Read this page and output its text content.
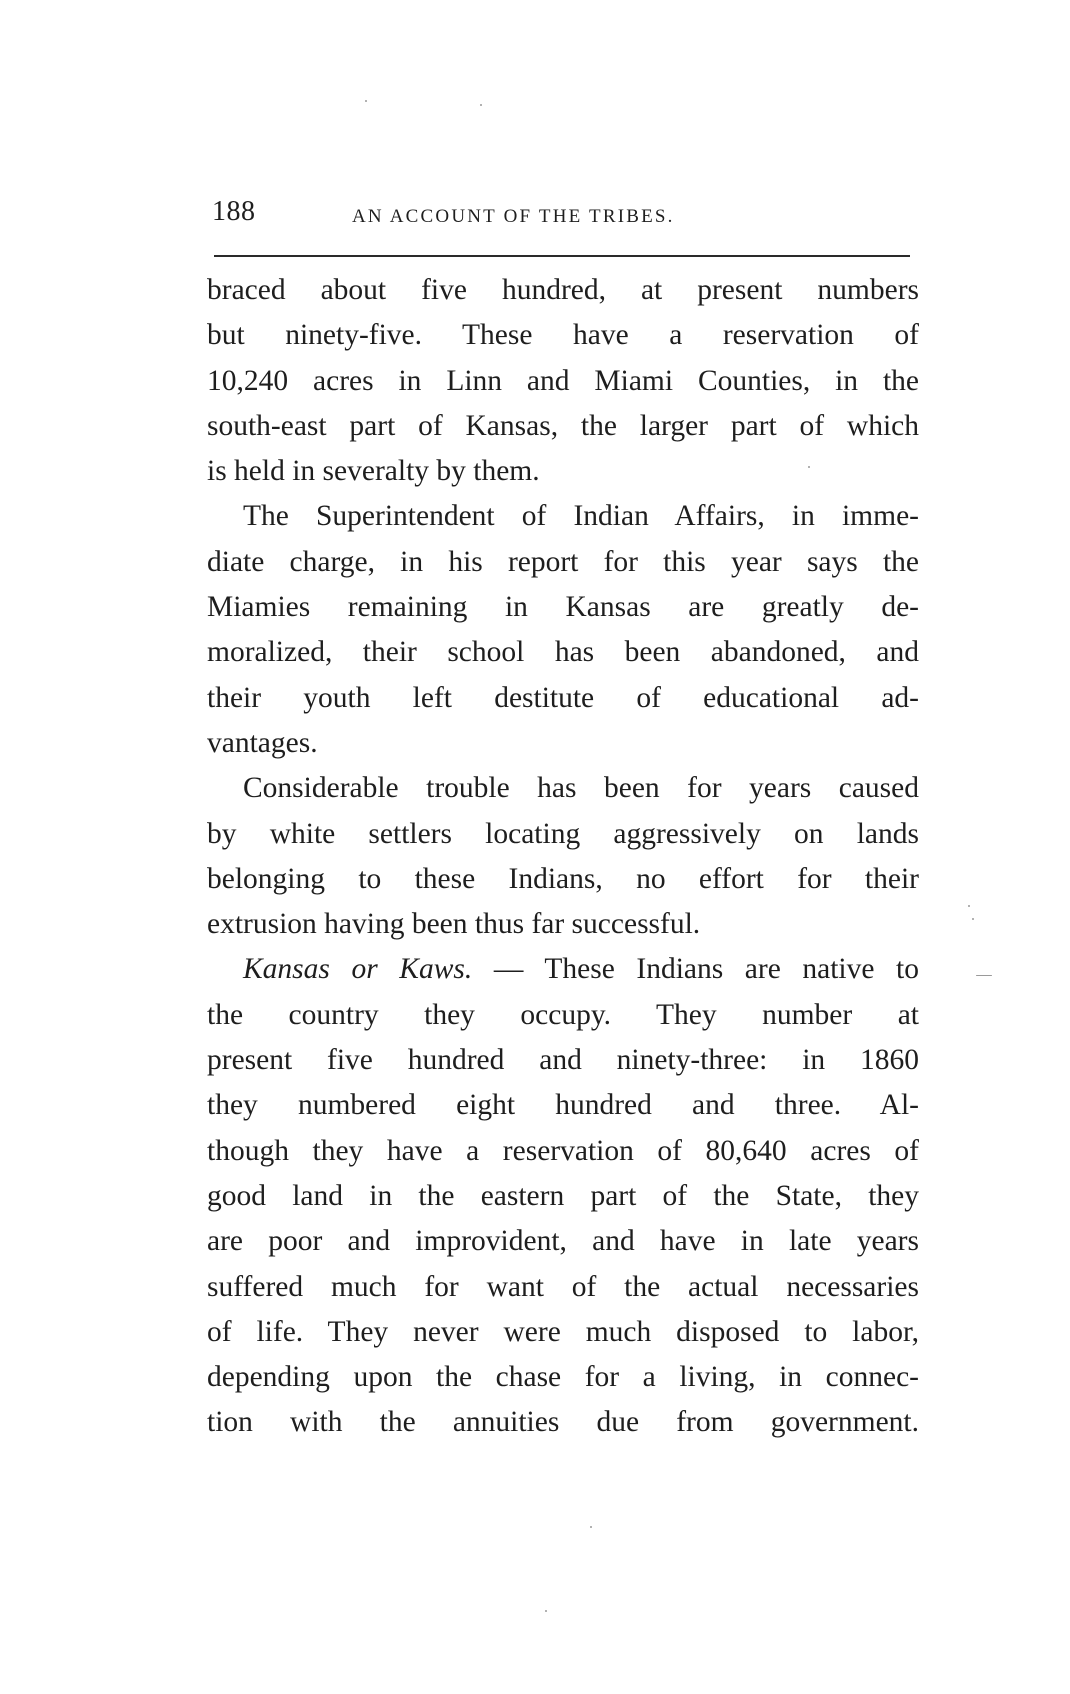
188	AN ACCOUNT OF THE TRIBES.

braced about five hundred, at present numbers
but ninety-five. These have a reservation of
10,240 acres in Linn and Miami Counties, in the
south-east part of Kansas, the larger part of which
is held in severalty by them.

The Superintendent of Indian Affairs, in imme-
diate charge, in his report for this year says the
Miamies remaining in Kansas are greatly de-
moralized, their school has been abandoned, and
their youth left destitute of educational ad-
vantages.

Considerable trouble has been for years caused
by white settlers locating aggressively on lands
belonging to these Indians, no effort for their
extrusion having been thus far successful.

Kansas or Kaws. — These Indians are native to
the country they occupy. They number at
present five hundred and ninety-three: in 1860
they numbered eight hundred and three. Al-
though they have a reservation of 80,640 acres of
good land in the eastern part of the State, they
are poor and improvident, and have in late years
suffered much for want of the actual necessaries
of life. They never were much disposed to labor,
depending upon the chase for a living, in connec-
tion with the annuities due from government.
